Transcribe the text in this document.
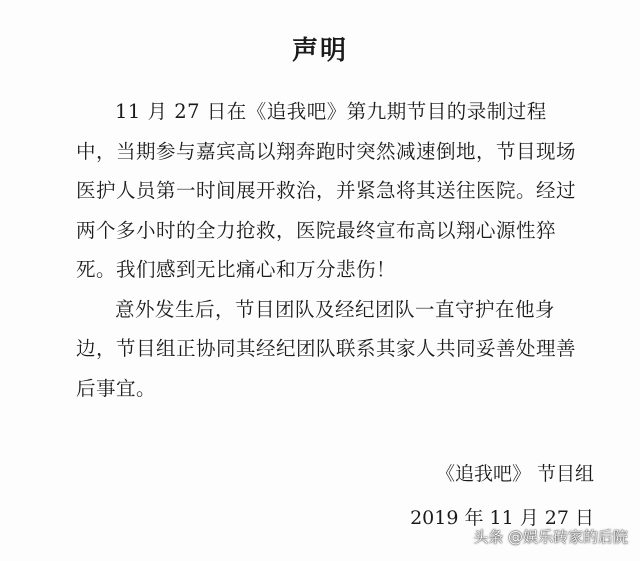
声明

11 月 27 日在《追我吧》第九期节目的录制过程中，当期参与嘉宾高以翔奔跑时突然减速倒地，节目现场医护人员第一时间展开救治，并紧急将其送往医院。经过两个多小时的全力抢救，医院最终宣布高以翔心源性猝死。我们感到无比痛心和万分悲伤！

意外发生后，节目团队及经纪团队一直守护在他身边，节目组正协同其经纪团队联系其家人共同妥善处理善后事宜。

《追我吧》 节目组
2019 年 11 月 27 日
头条 @娱乐砖家的后院
